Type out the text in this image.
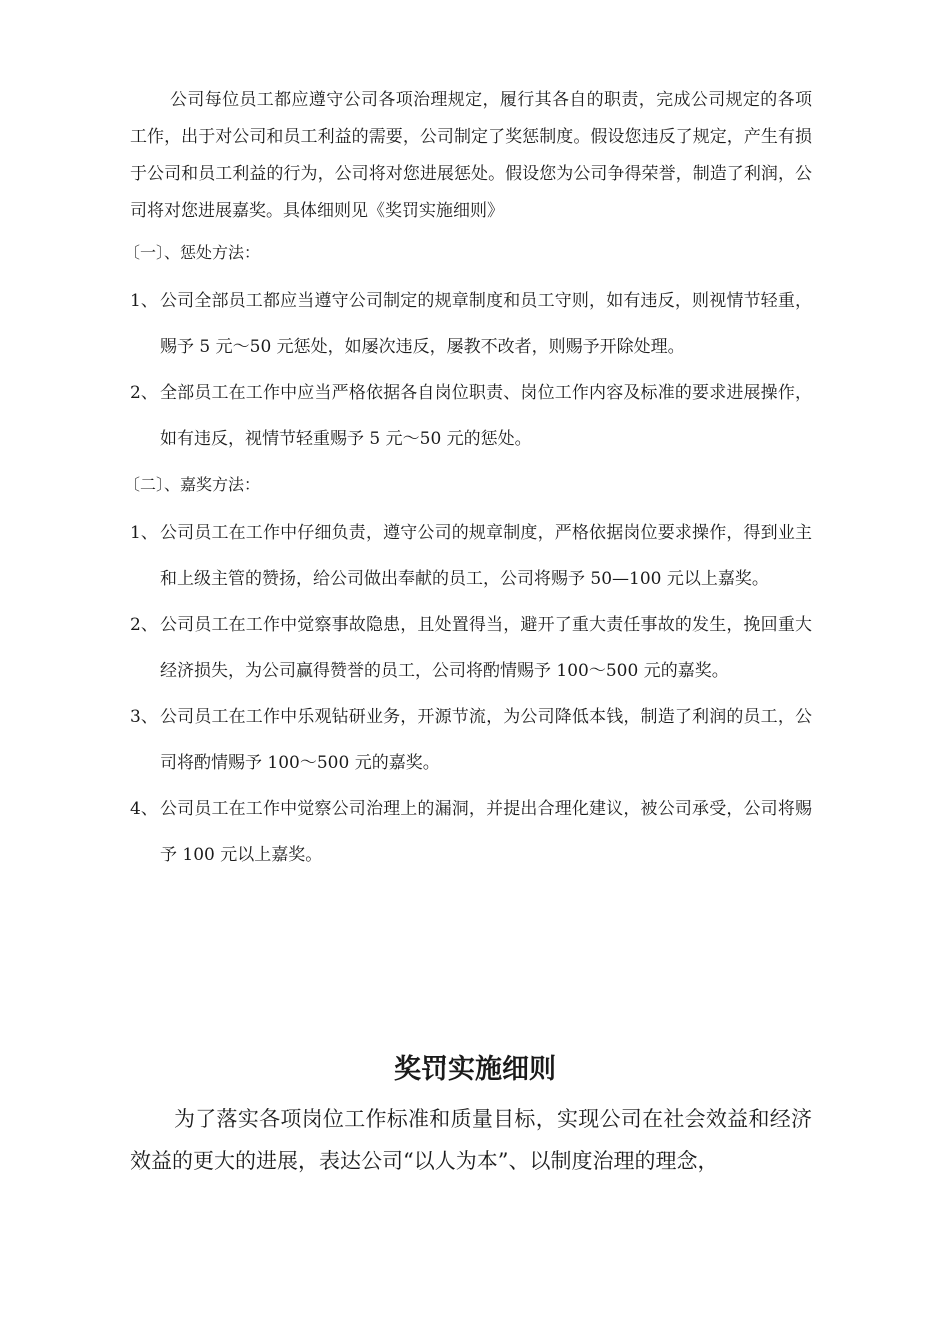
公司每位员工都应遵守公司各项治理规定，履行其各自的职责，完成公司规定的各项工作，出于对公司和员工利益的需要，公司制定了奖惩制度。假设您违反了规定，产生有损于公司和员工利益的行为，公司将对您进展惩处。假设您为公司争得荣誉，制造了利润，公司将对您进展嘉奖。具体细则见《奖罚实施细则》

〔一〕、惩处方法：

1、 公司全部员工都应当遵守公司制定的规章制度和员工守则，如有违反，则视情节轻重，赐予 5 元～50 元惩处，如屡次违反，屡教不改者，则赐予开除处理。
2、 全部员工在工作中应当严格依据各自岗位职责、岗位工作内容及标准的要求进展操作，如有违反，视情节轻重赐予 5 元～50 元的惩处。

〔二〕、嘉奖方法：

1、 公司员工在工作中仔细负责，遵守公司的规章制度，严格依据岗位要求操作，得到业主和上级主管的赞扬，给公司做出奉献的员工，公司将赐予 50—100 元以上嘉奖。
2、 公司员工在工作中觉察事故隐患，且处置得当，避开了重大责任事故的发生，挽回重大经济损失，为公司赢得赞誉的员工，公司将酌情赐予 100～500 元的嘉奖。
3、 公司员工在工作中乐观钻研业务，开源节流，为公司降低本钱，制造了利润的员工，公司将酌情赐予 100～500 元的嘉奖。
4、 公司员工在工作中觉察公司治理上的漏洞，并提出合理化建议，被公司承受，公司将赐予 100 元以上嘉奖。
奖罚实施细则

为了落实各项岗位工作标准和质量目标，实现公司在社会效益和经济效益的更大的进展，表达公司“以人为本”、以制度治理的理念，
